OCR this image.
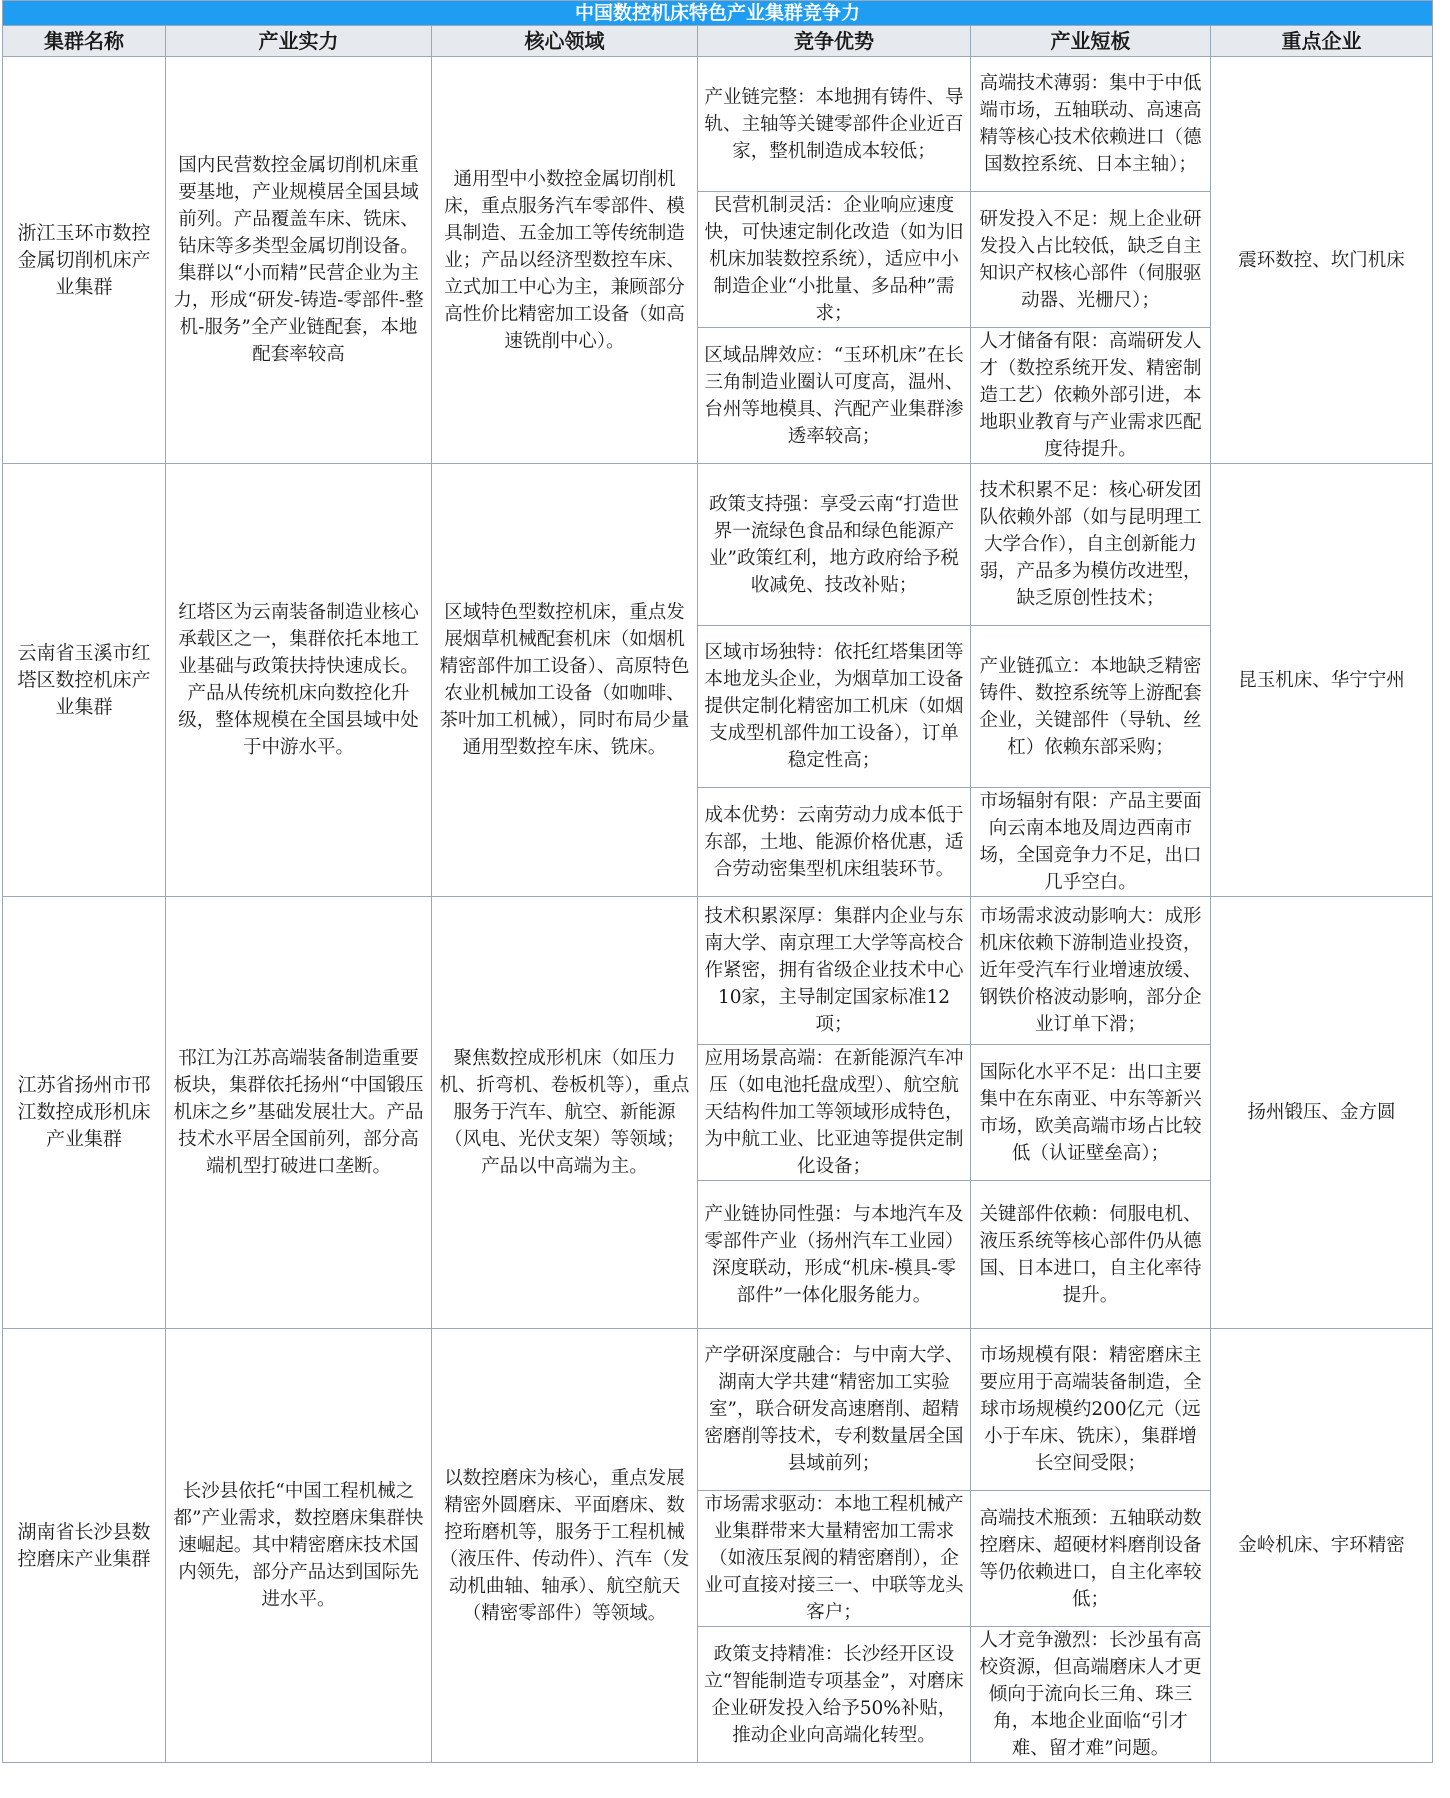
中国数控机床特色产业集群竞争力					
集群名称	产业实力	核心领域	竞争优势	产业短板	重点企业
浙江玉环市数控金属切削机床产业集群	国内民营数控金属切削机床重要基地，产业规模居全国县域前列。产品覆盖车床、铣床、钻床等多类型金属切削设备。集群以“小而精”民营企业为主力，形成“研发-铸造-零部件-整机-服务”全产业链配套，本地配套率较高	通用型中小数控金属切削机床，重点服务汽车零部件、模具制造、五金加工等传统制造业；产品以经济型数控车床、立式加工中心为主，兼顾部分高性价比精密加工设备（如高速铣削中心）。	产业链完整：本地拥有铸件、导轨、主轴等关键零部件企业近百家，整机制造成本较低；	高端技术薄弱：集中于中低端市场，五轴联动、高速高精等核心技术依赖进口（德国数控系统、日本主轴）；	震环数控、坎门机床
			民营机制灵活：企业响应速度快，可快速定制化改造（如为旧机床加装数控系统），适应中小制造企业“小批量、多品种”需求；	研发投入不足：规上企业研发投入占比较低，缺乏自主知识产权核心部件（伺服驱动器、光栅尺）；	
			区域品牌效应：“玉环机床”在长三角制造业圈认可度高，温州、台州等地模具、汽配产业集群渗透率较高；	人才储备有限：高端研发人才（数控系统开发、精密制造工艺）依赖外部引进，本地职业教育与产业需求匹配度待提升。	
云南省玉溪市红塔区数控机床产业集群	红塔区为云南装备制造业核心承载区之一，集群依托本地工业基础与政策扶持快速成长。产品从传统机床向数控化升级，整体规模在全国县域中处于中游水平。	区域特色型数控机床，重点发展烟草机械配套机床（如烟机精密部件加工设备）、高原特色农业机械加工设备（如咖啡、茶叶加工机械），同时布局少量通用型数控车床、铣床。	政策支持强：享受云南“打造世界一流绿色食品和绿色能源产业”政策红利，地方政府给予税收减免、技改补贴；	技术积累不足：核心研发团队依赖外部（如与昆明理工大学合作），自主创新能力弱，产品多为模仿改进型，缺乏原创性技术；	昆玉机床、华宁宁州
			区域市场独特：依托红塔集团等本地龙头企业，为烟草加工设备提供定制化精密加工机床（如烟支成型机部件加工设备），订单稳定性高；	产业链孤立：本地缺乏精密铸件、数控系统等上游配套企业，关键部件（导轨、丝杠）依赖东部采购；	
			成本优势：云南劳动力成本低于东部，土地、能源价格优惠，适合劳动密集型机床组装环节。	市场辐射有限：产品主要面向云南本地及周边西南市场，全国竞争力不足，出口几乎空白。	
江苏省扬州市邗江数控成形机床产业集群	邗江为江苏高端装备制造重要板块，集群依托扬州“中国锻压机床之乡”基础发展壮大。产品技术水平居全国前列，部分高端机型打破进口垄断。	聚焦数控成形机床（如压力机、折弯机、卷板机等），重点服务于汽车、航空、新能源（风电、光伏支架）等领域；产品以中高端为主。	技术积累深厚：集群内企业与东南大学、南京理工大学等高校合作紧密，拥有省级企业技术中心10家，主导制定国家标准12项；	市场需求波动影响大：成形机床依赖下游制造业投资，近年受汽车行业增速放缓、钢铁价格波动影响，部分企业订单下滑；	扬州锻压、金方圆
			应用场景高端：在新能源汽车冲压（如电池托盘成型）、航空航天结构件加工等领域形成特色，为中航工业、比亚迪等提供定制化设备；	国际化水平不足：出口主要集中在东南亚、中东等新兴市场，欧美高端市场占比较低（认证壁垒高）；	
			产业链协同性强：与本地汽车及零部件产业（扬州汽车工业园）深度联动，形成“机床-模具-零部件”一体化服务能力。	关键部件依赖：伺服电机、液压系统等核心部件仍从德国、日本进口，自主化率待提升。	
湖南省长沙县数控磨床产业集群	长沙县依托“中国工程机械之都”产业需求，数控磨床集群快速崛起。其中精密磨床技术国内领先，部分产品达到国际先进水平。	以数控磨床为核心，重点发展精密外圆磨床、平面磨床、数控珩磨机等，服务于工程机械（液压件、传动件）、汽车（发动机曲轴、轴承）、航空航天（精密零部件）等领域。	产学研深度融合：与中南大学、湖南大学共建“精密加工实验室”，联合研发高速磨削、超精密磨削等技术，专利数量居全国县域前列；	市场规模有限：精密磨床主要应用于高端装备制造，全球市场规模约200亿元（远小于车床、铣床），集群增长空间受限；	金岭机床、宇环精密
			市场需求驱动：本地工程机械产业集群带来大量精密加工需求（如液压泵阀的精密磨削），企业可直接对接三一、中联等龙头客户；	高端技术瓶颈：五轴联动数控磨床、超硬材料磨削设备等仍依赖进口，自主化率较低；	
			政策支持精准：长沙经开区设立“智能制造专项基金”，对磨床企业研发投入给予50%补贴，推动企业向高端化转型。	人才竞争激烈：长沙虽有高校资源，但高端磨床人才更倾向于流向长三角、珠三角，本地企业面临“引才难、留才难”问题。	
